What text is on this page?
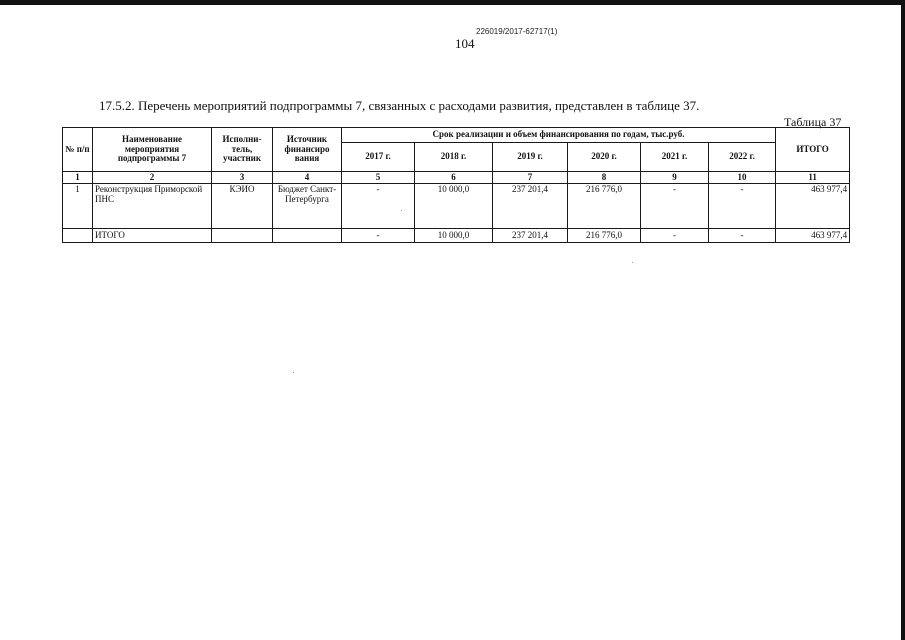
226019/2017-62717(1)
104
17.5.2. Перечень мероприятий подпрограммы 7, связанных с расходами развития, представлен в таблице 37.
Таблица 37
№ п/п	Наименование мероприятия подпрограммы 7	Исполни-тель, участник	Источник финансиро вания	Срок реализации и объем финансирования по годам, тыс.руб.						ИТОГО
				2017 г.	2018 г.	2019 г.	2020 г.	2021 г.	2022 г.	
1	2	3	4	5	6	7	8	9	10	11
1	Реконструкция Приморской ПНС	КЭИО	Бюджет Санкт-Петербурга	-	10 000,0	237 201,4	216 776,0	-	-	463 977,4
	ИТОГО			-	10 000,0	237 201,4	216 776,0	-	-	463 977,4
